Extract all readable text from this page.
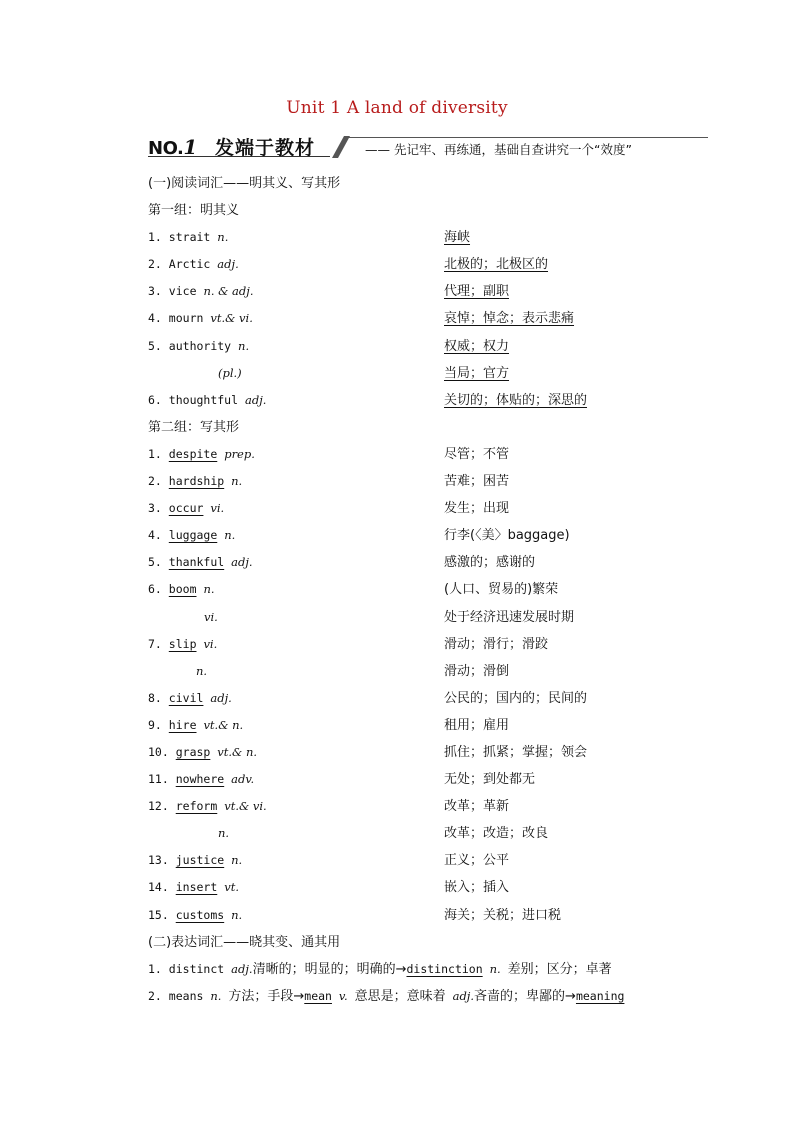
Unit 1 A land of diversity
NO.1 发端于教材	—— 先记牢、再练通，基础自查讲究一个“效度”
(一)阅读词汇——明其义、写其形
第一组：明其义
1. strait n.	海峡
2. Arctic adj.	北极的；北极区的
3. vice n. & adj.	代理；副职
4. mourn vt.& vi.	哀悼；悼念；表示悲痛
5. authority n.	权威；权力
(pl.)	当局；官方
6. thoughtful adj.	关切的；体贴的；深思的
第二组：写其形
1. despite prep.	尽管；不管
2. hardship n.	苦难；困苦
3. occur vi.	发生；出现
4. luggage n.	行李(〈美〉baggage)
5. thankful adj.	感激的；感谢的
6. boom n.	(人口、贸易的)繁荣
vi.	处于经济迅速发展时期
7. slip vi.	滑动；滑行；滑跤
n.	滑动；滑倒
8. civil adj.	公民的；国内的；民间的
9. hire vt.& n.	租用；雇用
10. grasp vt.& n.	抓住；抓紧；掌握；领会
11. nowhere adv.	无处；到处都无
12. reform vt.& vi.	改革；革新
n.	改革；改造；改良
13. justice n.	正义；公平
14. insert vt.	嵌入；插入
15. customs n.	海关；关税；进口税
(二)表达词汇——晓其变、通其用
1. distinct adj.清晰的；明显的；明确的→distinction n. 差别；区分；卓著
2. means n. 方法；手段→mean v. 意思是；意味着 adj.吝啬的；卑鄙的→meaning
